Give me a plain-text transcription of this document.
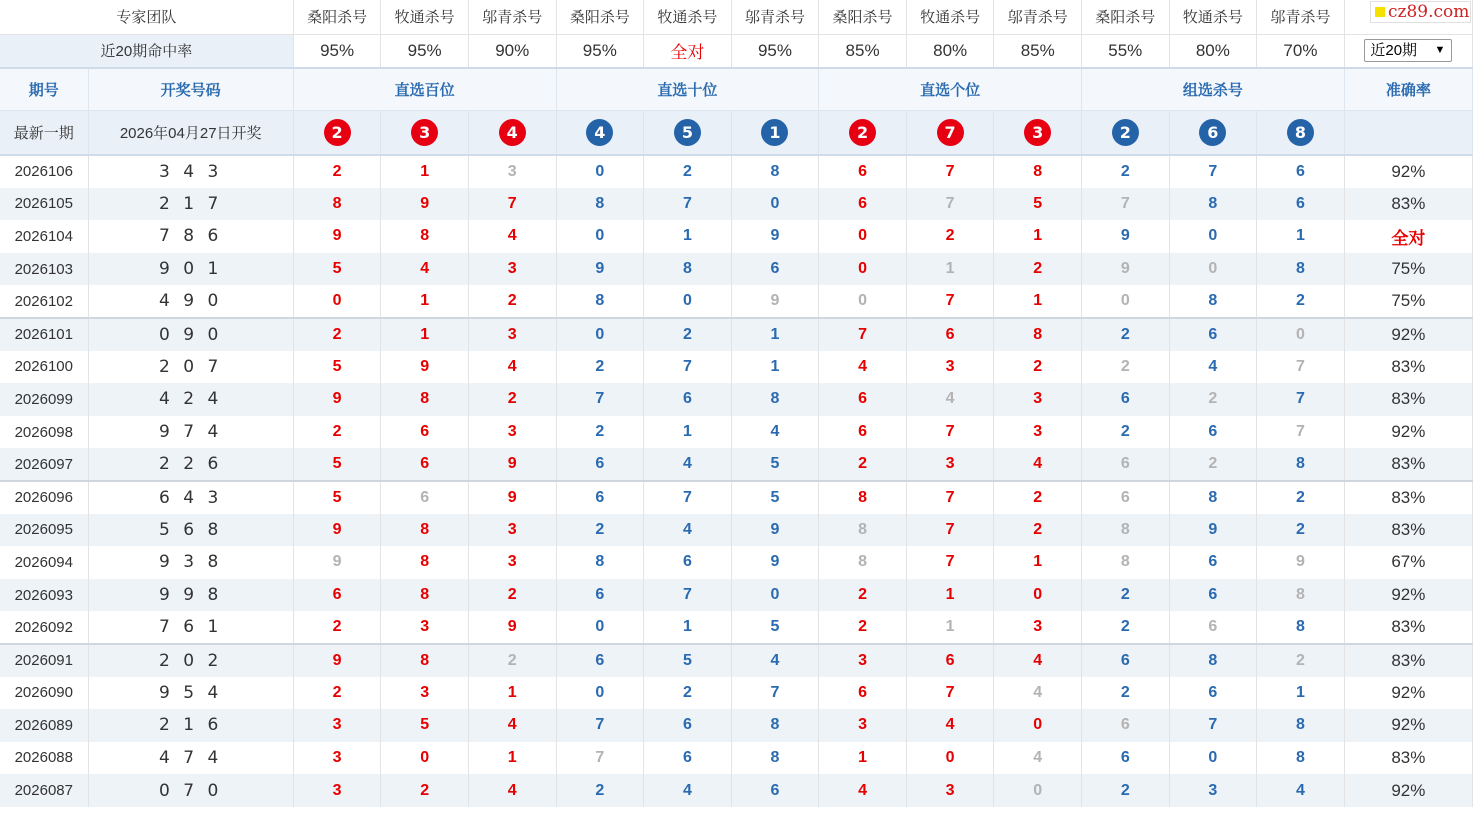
cz89.com
专家团队		桑阳杀号	牧通杀号	邬青杀号	桑阳杀号	牧通杀号	邬青杀号	桑阳杀号	牧通杀号	邬青杀号	桑阳杀号	牧通杀号	邬青杀号	
近20期命中率		95%	95%	90%	95%	全对	95%	85%	80%	85%	55%	80%	70%	近20期 ▼

期号	开奖号码	直选百位			直选十位			直选个位			组选杀号			准确率
最新一期	2026年04月27日开奖	2	3	4	4	5	1	2	7	3	2	6	8	
2026106	3 4 3	2	1	3	0	2	8	6	7	8	2	7	6	92%
2026105	2 1 7	8	9	7	8	7	0	6	7	5	7	8	6	83%
2026104	7 8 6	9	8	4	0	1	9	0	2	1	9	0	1	全对
2026103	9 0 1	5	4	3	9	8	6	0	1	2	9	0	8	75%
2026102	4 9 0	0	1	2	8	0	9	0	7	1	0	8	2	75%
2026101	0 9 0	2	1	3	0	2	1	7	6	8	2	6	0	92%
2026100	2 0 7	5	9	4	2	7	1	4	3	2	2	4	7	83%
2026099	4 2 4	9	8	2	7	6	8	6	4	3	6	2	7	83%
2026098	9 7 4	2	6	3	2	1	4	6	7	3	2	6	7	92%
2026097	2 2 6	5	6	9	6	4	5	2	3	4	6	2	8	83%
2026096	6 4 3	5	6	9	6	7	5	8	7	2	6	8	2	83%
2026095	5 6 8	9	8	3	2	4	9	8	7	2	8	9	2	83%
2026094	9 3 8	9	8	3	8	6	9	8	7	1	8	6	9	67%
2026093	9 9 8	6	8	2	6	7	0	2	1	0	2	6	8	92%
2026092	7 6 1	2	3	9	0	1	5	2	1	3	2	6	8	83%
2026091	2 0 2	9	8	2	6	5	4	3	6	4	6	8	2	83%
2026090	9 5 4	2	3	1	0	2	7	6	7	4	2	6	1	92%
2026089	2 1 6	3	5	4	7	6	8	3	4	0	6	7	8	92%
2026088	4 7 4	3	0	1	7	6	8	1	0	4	6	0	8	83%
2026087	0 7 0	3	2	4	2	4	6	4	3	0	2	3	4	92%
